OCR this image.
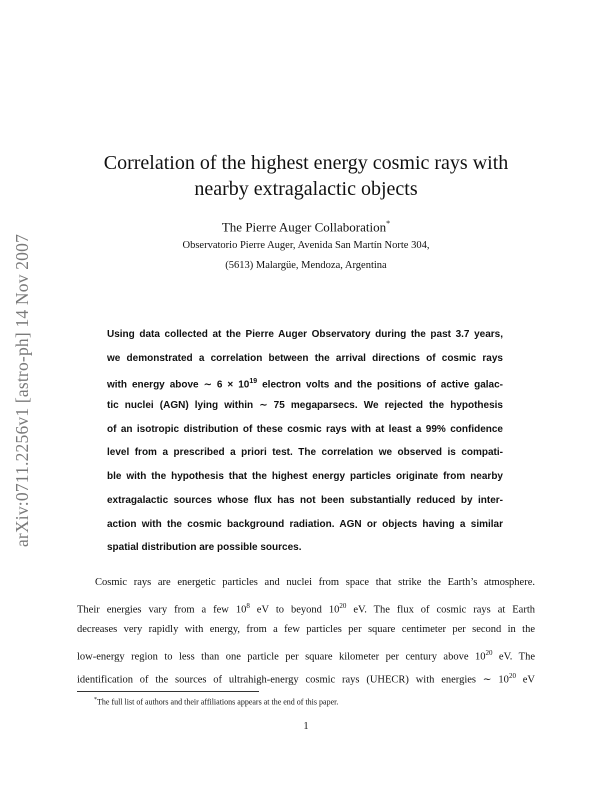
arXiv:0711.2256v1 [astro-ph] 14 Nov 2007
Correlation of the highest energy cosmic rays with
nearby extragalactic objects
The Pierre Auger Collaboration*
Observatorio Pierre Auger, Avenida San Martín Norte 304,
(5613) Malargüe, Mendoza, Argentina
Using data collected at the Pierre Auger Observatory during the past 3.7 years,
we demonstrated a correlation between the arrival directions of cosmic rays
with energy above ∼ $6 \times 10^{19}$ electron volts and the positions of active galac-
tic nuclei (AGN) lying within ∼ 75 megaparsecs. We rejected the hypothesis
of an isotropic distribution of these cosmic rays with at least a 99% confidence
level from a prescribed a priori test. The correlation we observed is compati-
ble with the hypothesis that the highest energy particles originate from nearby
extragalactic sources whose flux has not been substantially reduced by inter-
action with the cosmic background radiation. AGN or objects having a similar
spatial distribution are possible sources.
Cosmic rays are energetic particles and nuclei from space that strike the Earth’s atmosphere.
Their energies vary from a few $10^8$ eV to beyond $10^{20}$ eV. The flux of cosmic rays at Earth
decreases very rapidly with energy, from a few particles per square centimeter per second in the
low-energy region to less than one particle per square kilometer per century above $10^{20}$ eV. The
identification of the sources of ultrahigh-energy cosmic rays (UHECR) with energies ∼ $10^{20}$ eV
*The full list of authors and their affiliations appears at the end of this paper.
1
